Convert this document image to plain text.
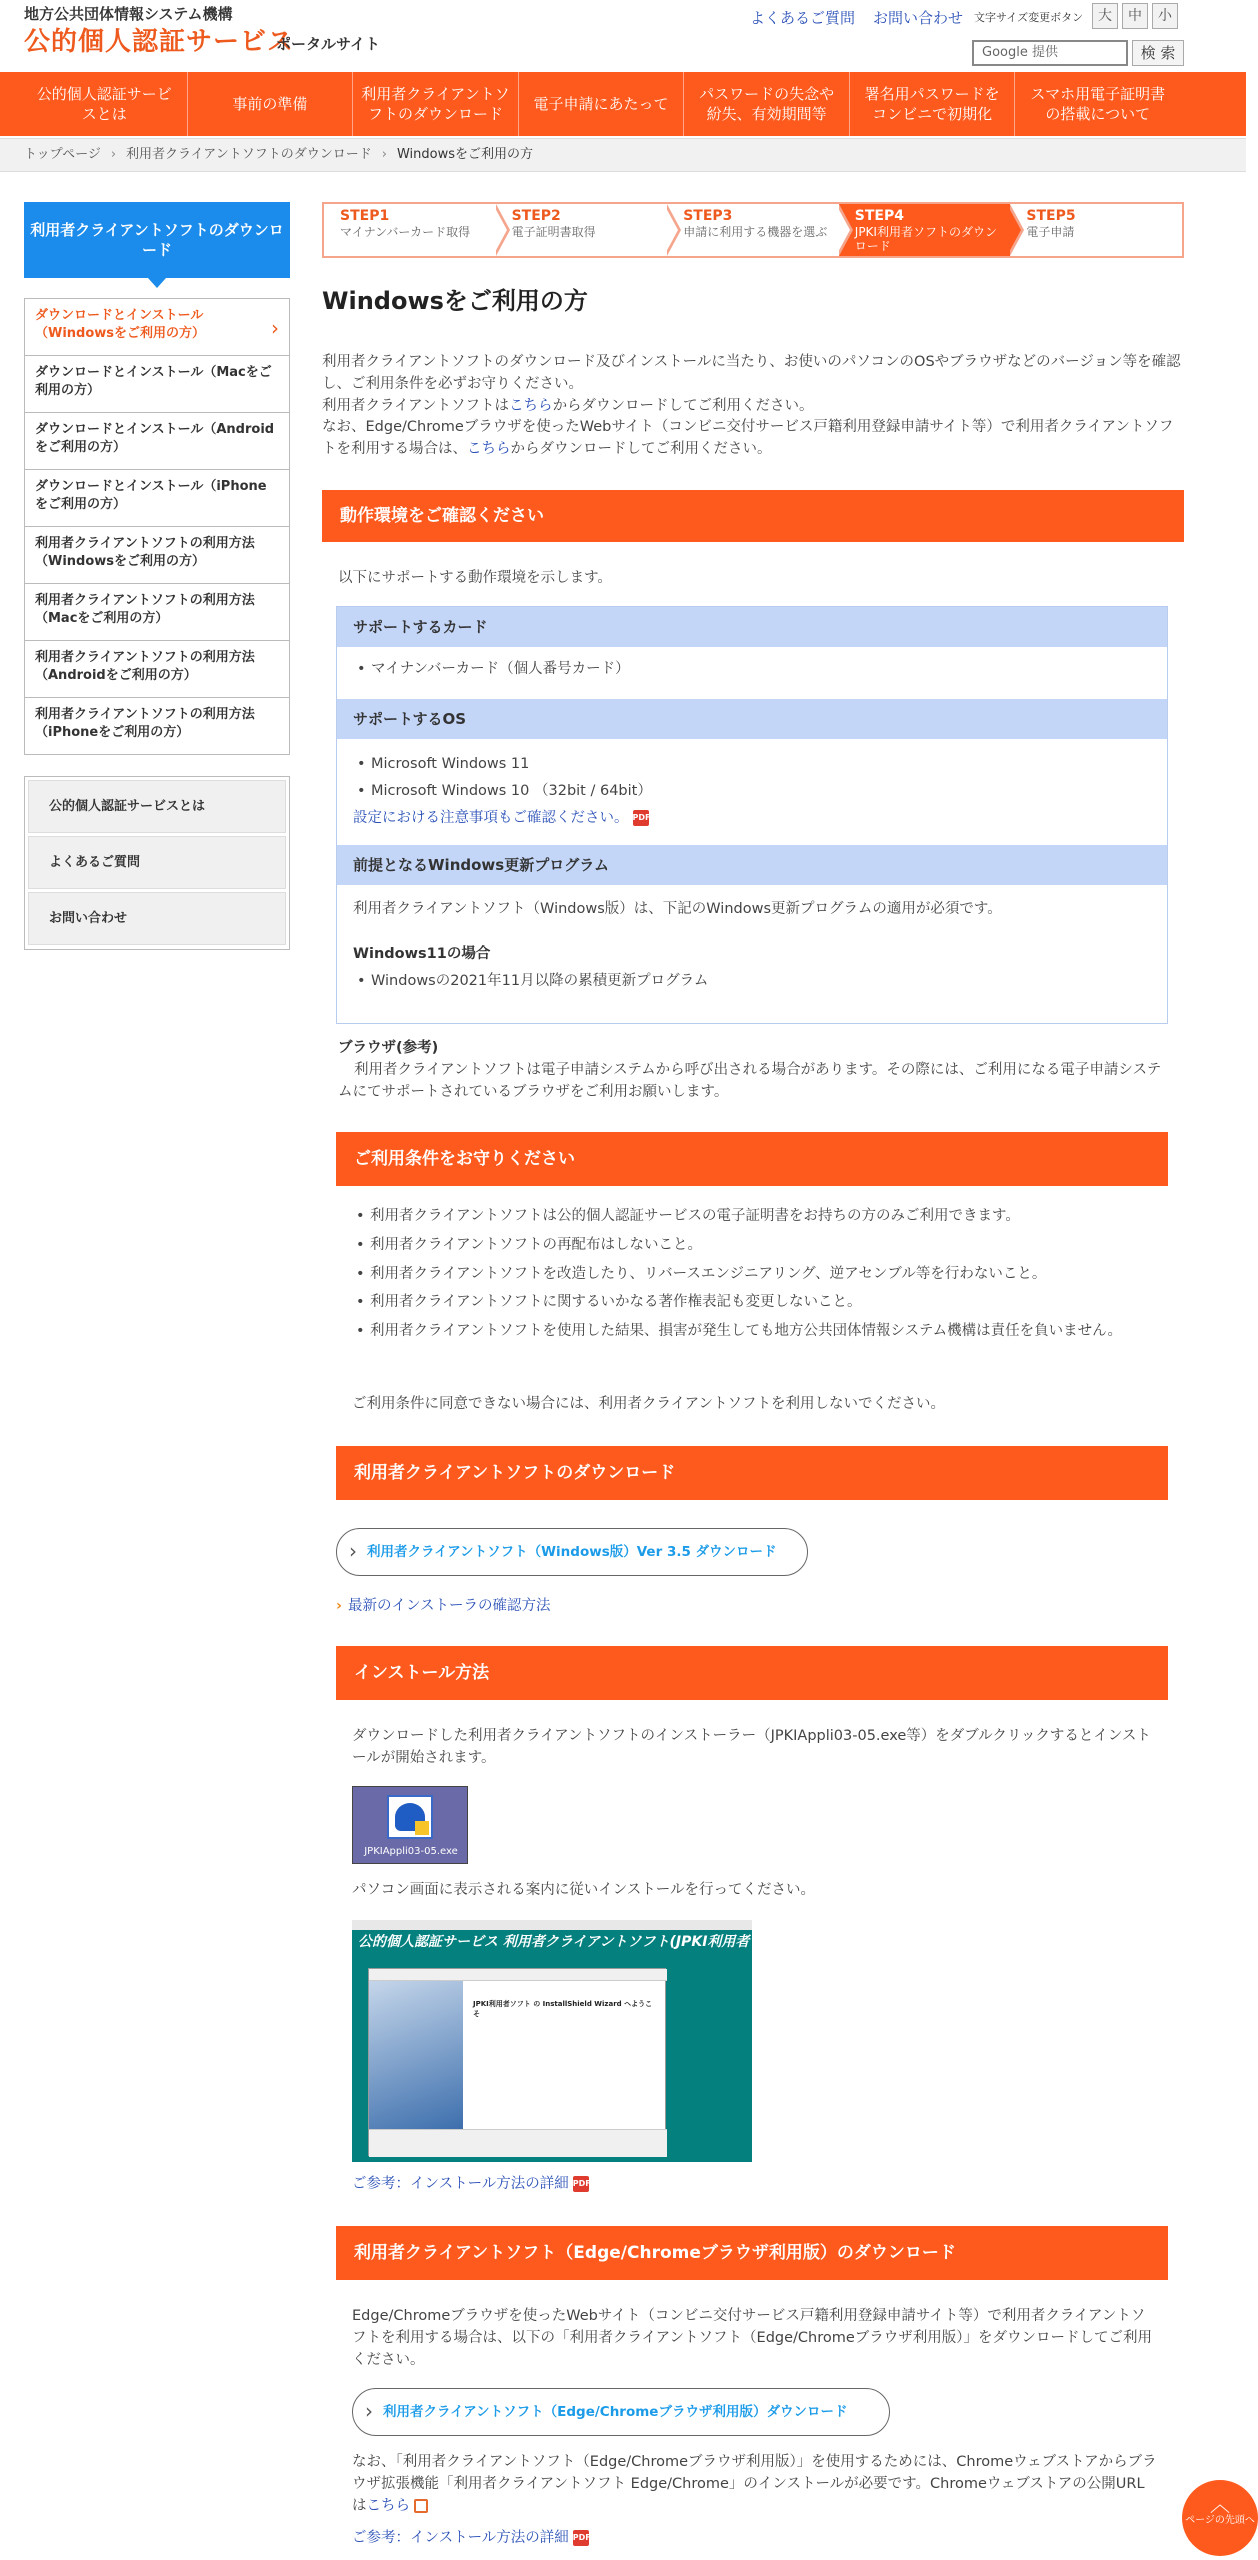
地方公共団体情報システム機構
公的個人認証サービス
ポータルサイト
よくあるご質問 お問い合わせ 文字サイズ変更ボタン	大	中	小
Google 提供	検 索
公的個人認証サービスとは
事前の準備
利用者クライアントソフトのダウンロード
電子申請にあたって
パスワードの失念や紛失、有効期間等
署名用パスワードをコンビニで初期化
スマホ用電子証明書の搭載について
トップページ › 利用者クライアントソフトのダウンロード › Windowsをご利用の方
利用者クライアントソフトのダウンロード
ダウンロードとインストール（Windowsをご利用の方）	›
ダウンロードとインストール（Macをご利用の方）
ダウンロードとインストール（Androidをご利用の方）
ダウンロードとインストール（iPhoneをご利用の方）
利用者クライアントソフトの利用方法（Windowsをご利用の方）
利用者クライアントソフトの利用方法（Macをご利用の方）
利用者クライアントソフトの利用方法（Androidをご利用の方）
利用者クライアントソフトの利用方法（iPhoneをご利用の方）
公的個人認証サービスとは
よくあるご質問
お問い合わせ
STEP1
マイナンバーカード取得
STEP2
電子証明書取得
STEP3
申請に利用する機器を選ぶ
STEP4
JPKI利用者ソフトのダウンロード
STEP5
電子申請
Windowsをご利用の方
利用者クライアントソフトのダウンロード及びインストールに当たり、お使いのパソコンのOSやブラウザなどのバージョン等を確認し、ご利用条件を必ずお守りください。
利用者クライアントソフトはこちらからダウンロードしてご利用ください。
なお、Edge/Chromeブラウザを使ったWebサイト（コンビニ交付サービス戸籍利用登録申請サイト等）で利用者クライアントソフトを利用する場合は、こちらからダウンロードしてご利用ください。
動作環境をご確認ください
以下にサポートする動作環境を示します。
サポートするカード
• マイナンバーカード（個人番号カード）
サポートするOS
• Microsoft Windows 11
• Microsoft Windows 10 （32bit / 64bit）
設定における注意事項もご確認ください。 PDF
前提となるWindows更新プログラム
利用者クライアントソフト（Windows版）は、下記のWindows更新プログラムの適用が必須です。
Windows11の場合
• Windowsの2021年11月以降の累積更新プログラム
ブラウザ(参考)
利用者クライアントソフトは電子申請システムから呼び出される場合があります。その際には、ご利用になる電子申請システムにてサポートされているブラウザをご利用お願いします。
ご利用条件をお守りください
• 利用者クライアントソフトは公的個人認証サービスの電子証明書をお持ちの方のみご利用できます。
• 利用者クライアントソフトの再配布はしないこと。
• 利用者クライアントソフトを改造したり、リバースエンジニアリング、逆アセンブル等を行わないこと。
• 利用者クライアントソフトに関するいかなる著作権表記も変更しないこと。
• 利用者クライアントソフトを使用した結果、損害が発生しても地方公共団体情報システム機構は責任を負いません。
ご利用条件に同意できない場合には、利用者クライアントソフトを利用しないでください。
利用者クライアントソフトのダウンロード
› 利用者クライアントソフト（Windows版）Ver 3.5 ダウンロード
› 最新のインストーラの確認方法
インストール方法
ダウンロードした利用者クライアントソフトのインストーラー（JPKIAppli03-05.exe等）をダブルクリックするとインストールが開始されます。
JPKIAppli03-05.exe
パソコン画面に表示される案内に従いインストールを行ってください。
公的個人認証サービス 利用者クライアントソフト(JPKI利用者ソフト)
JPKI利用者ソフト の InstallShield Wizard へようこそ
ご参考：インストール方法の詳細 PDF
利用者クライアントソフト（Edge/Chromeブラウザ利用版）のダウンロード
Edge/Chromeブラウザを使ったWebサイト（コンビニ交付サービス戸籍利用登録申請サイト等）で利用者クライアントソフトを利用する場合は、以下の「利用者クライアントソフト（Edge/Chromeブラウザ利用版）」をダウンロードしてご利用ください。
› 利用者クライアントソフト（Edge/Chromeブラウザ利用版）ダウンロード
なお、「利用者クライアントソフト（Edge/Chromeブラウザ利用版）」を使用するためには、Chromeウェブストアからブラウザ拡張機能「利用者クライアントソフト Edge/Chrome」のインストールが必要です。Chromeウェブストアの公開URLはこちら
ご参考：インストール方法の詳細 PDF
︿
ページの先頭へ
